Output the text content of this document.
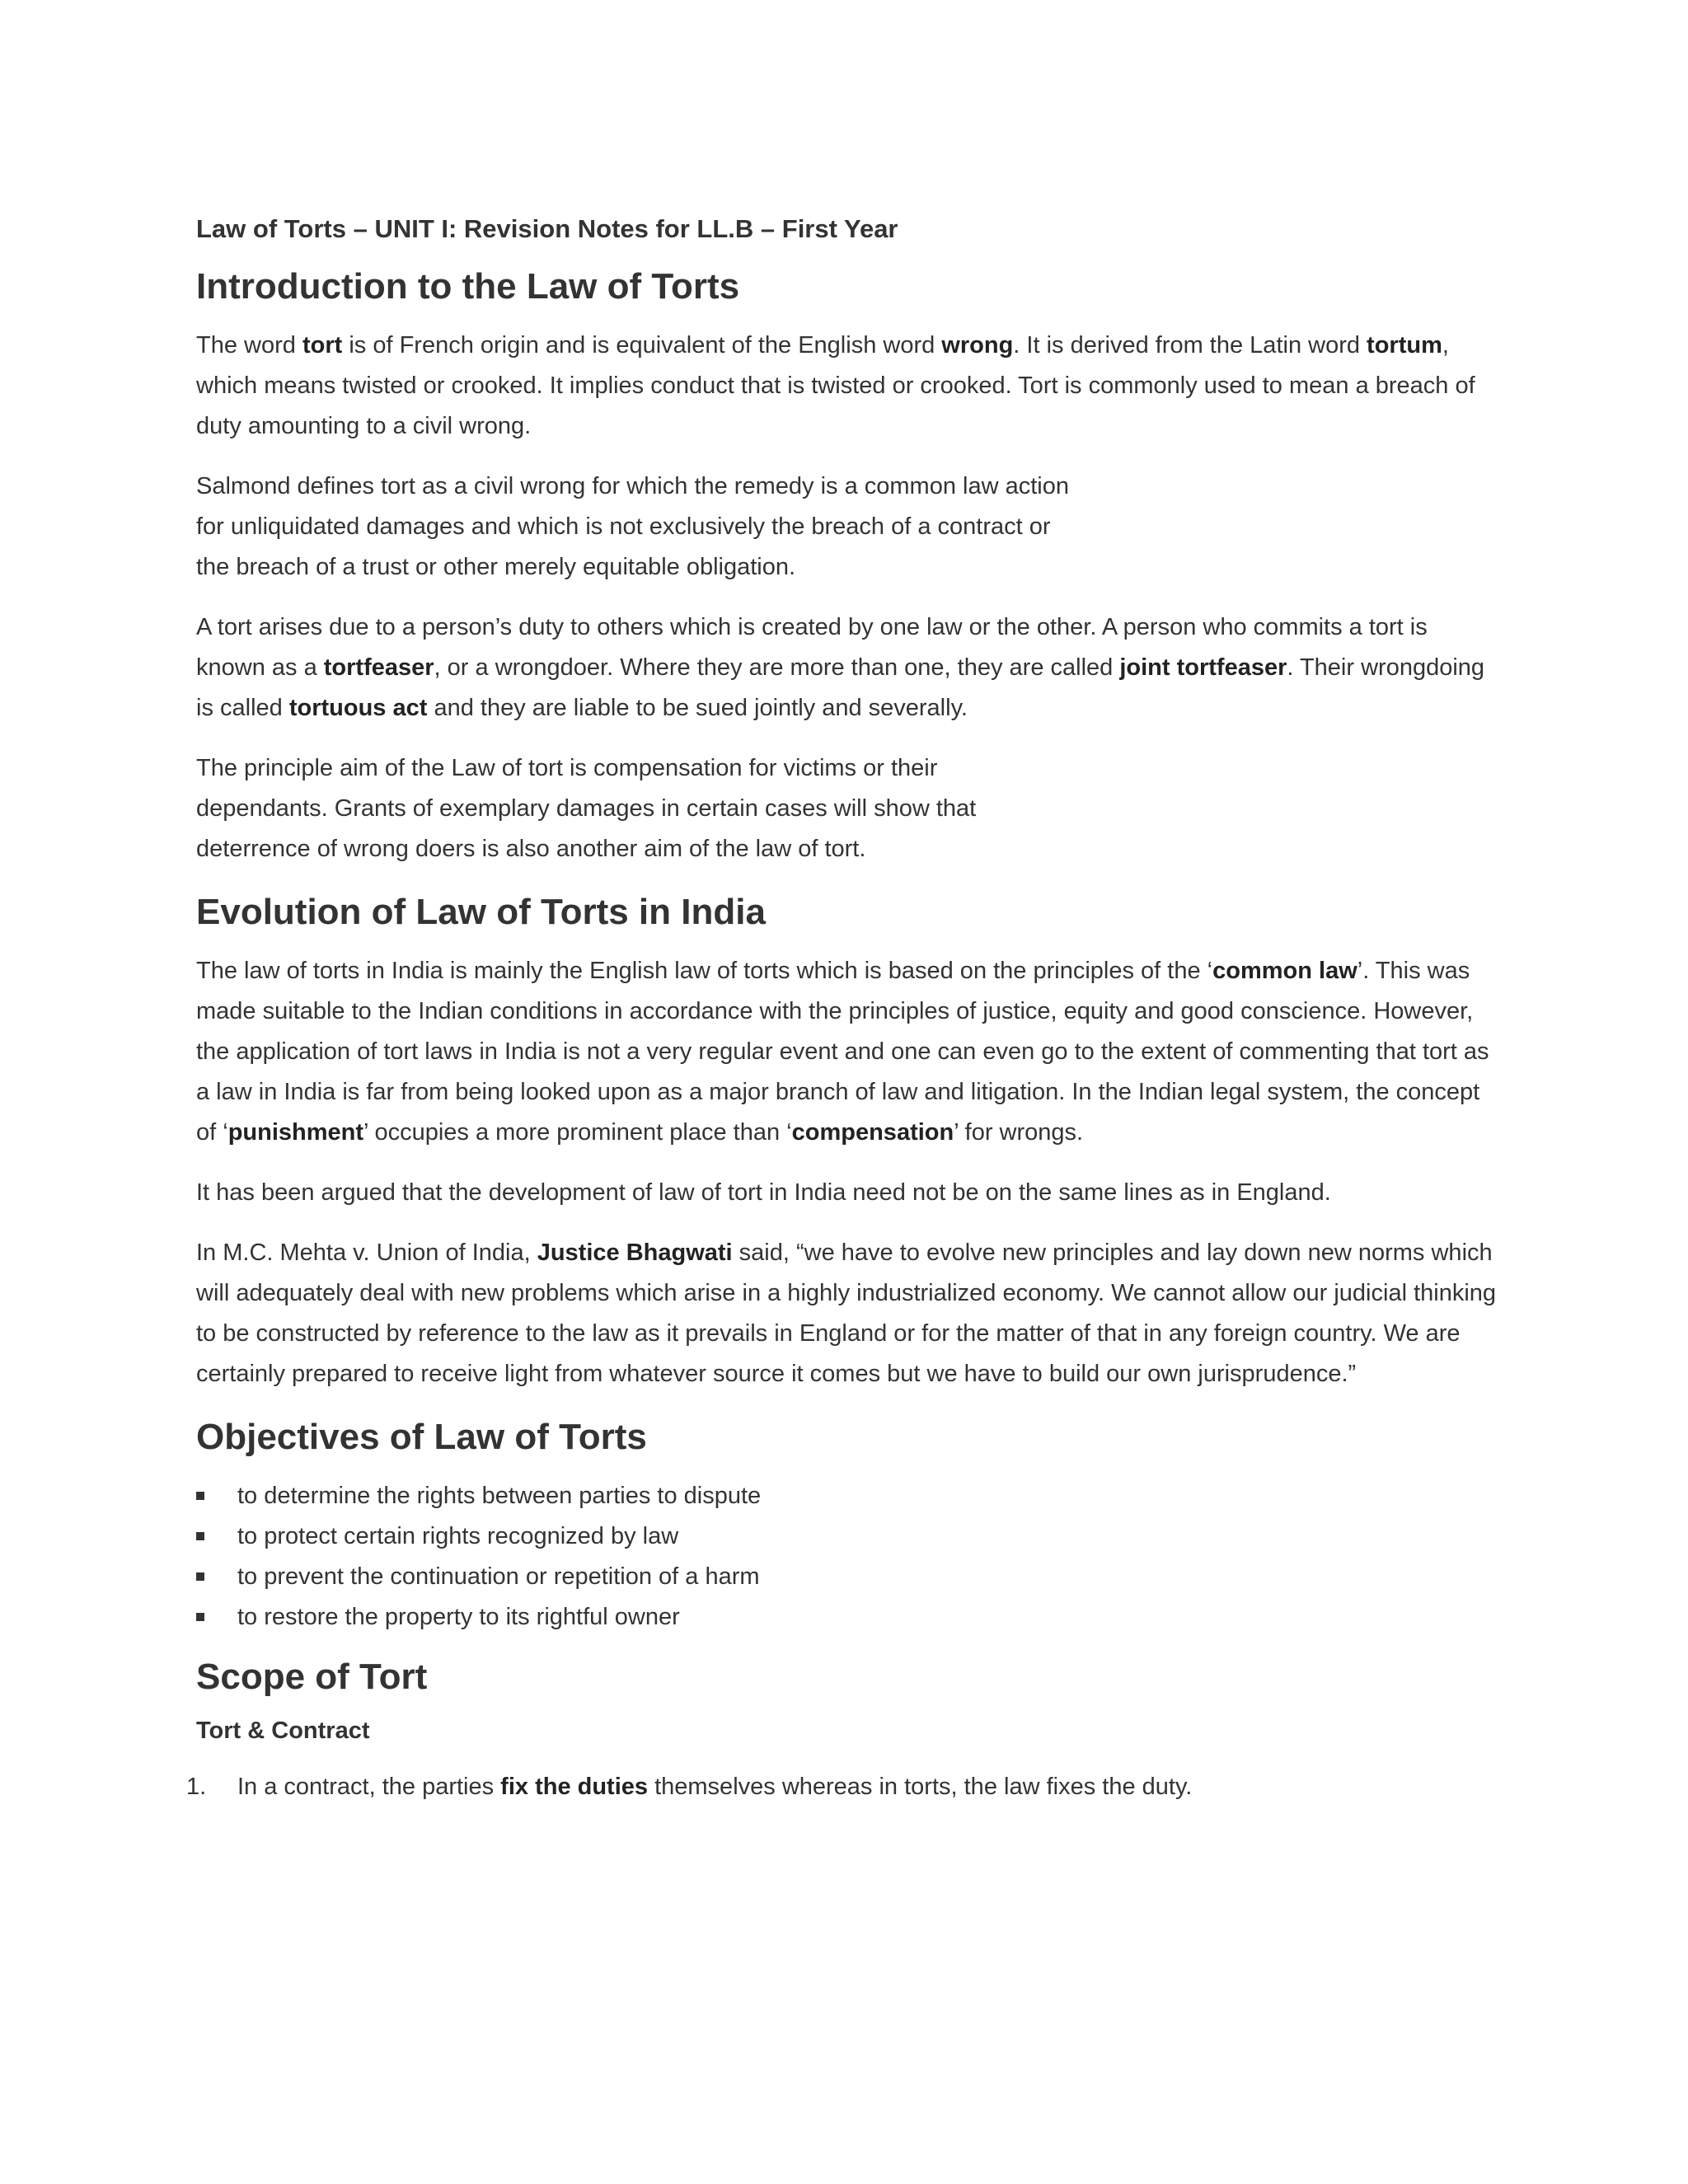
Law of Torts – UNIT I: Revision Notes for LL.B – First Year
Introduction to the Law of Torts

The word tort is of French origin and is equivalent of the English word wrong. It is derived from the Latin word tortum, which means twisted or crooked. It implies conduct that is twisted or crooked. Tort is commonly used to mean a breach of duty amounting to a civil wrong.

Salmond defines tort as a civil wrong for which the remedy is a common law action for unliquidated damages and which is not exclusively the breach of a contract or the breach of a trust or other merely equitable obligation.

A tort arises due to a person’s duty to others which is created by one law or the other. A person who commits a tort is known as a tortfeaser, or a wrongdoer. Where they are more than one, they are called joint tortfeaser. Their wrongdoing is called tortuous act and they are liable to be sued jointly and severally.

The principle aim of the Law of tort is compensation for victims or their dependants. Grants of exemplary damages in certain cases will show that deterrence of wrong doers is also another aim of the law of tort.

Evolution of Law of Torts in India

The law of torts in India is mainly the English law of torts which is based on the principles of the ‘common law’. This was made suitable to the Indian conditions in accordance with the principles of justice, equity and good conscience. However, the application of tort laws in India is not a very regular event and one can even go to the extent of commenting that tort as a law in India is far from being looked upon as a major branch of law and litigation. In the Indian legal system, the concept of ‘punishment’ occupies a more prominent place than ‘compensation’ for wrongs.

It has been argued that the development of law of tort in India need not be on the same lines as in England.

In M.C. Mehta v. Union of India, Justice Bhagwati said, “we have to evolve new principles and lay down new norms which will adequately deal with new problems which arise in a highly industrialized economy. We cannot allow our judicial thinking to be constructed by reference to the law as it prevails in England or for the matter of that in any foreign country. We are certainly prepared to receive light from whatever source it comes but we have to build our own jurisprudence.”

Objectives of Law of Torts
to determine the rights between parties to dispute
to protect certain rights recognized by law
to prevent the continuation or repetition of a harm
to restore the property to its rightful owner
Scope of Tort
Tort & Contract
1. In a contract, the parties fix the duties themselves whereas in torts, the law fixes the duty.
